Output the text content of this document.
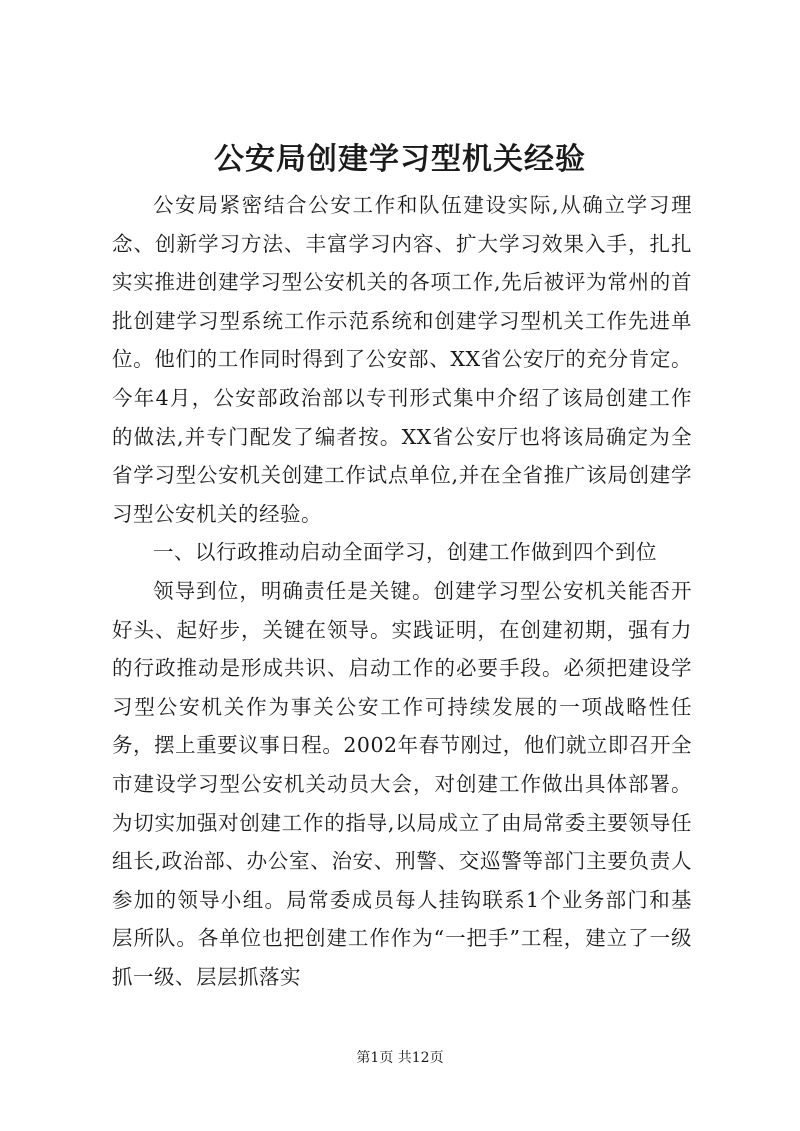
公安局创建学习型机关经验

公安局紧密结合公安工作和队伍建设实际,从确立学习理念、创新学习方法、丰富学习内容、扩大学习效果入手，扎扎实实推进创建学习型公安机关的各项工作,先后被评为常州的首批创建学习型系统工作示范系统和创建学习型机关工作先进单位。他们的工作同时得到了公安部、XX省公安厅的充分肯定。今年4月，公安部政治部以专刊形式集中介绍了该局创建工作的做法,并专门配发了编者按。XX省公安厅也将该局确定为全省学习型公安机关创建工作试点单位,并在全省推广该局创建学习型公安机关的经验。

一、以行政推动启动全面学习，创建工作做到四个到位

领导到位，明确责任是关键。创建学习型公安机关能否开好头、起好步，关键在领导。实践证明，在创建初期，强有力的行政推动是形成共识、启动工作的必要手段。必须把建设学习型公安机关作为事关公安工作可持续发展的一项战略性任务，摆上重要议事日程。2002年春节刚过，他们就立即召开全市建设学习型公安机关动员大会，对创建工作做出具体部署。为切实加强对创建工作的指导,以局成立了由局常委主要领导任组长,政治部、办公室、治安、刑警、交巡警等部门主要负责人参加的领导小组。局常委成员每人挂钩联系1个业务部门和基层所队。各单位也把创建工作作为“一把手”工程，建立了一级抓一级、层层抓落实

第1页 共12页
